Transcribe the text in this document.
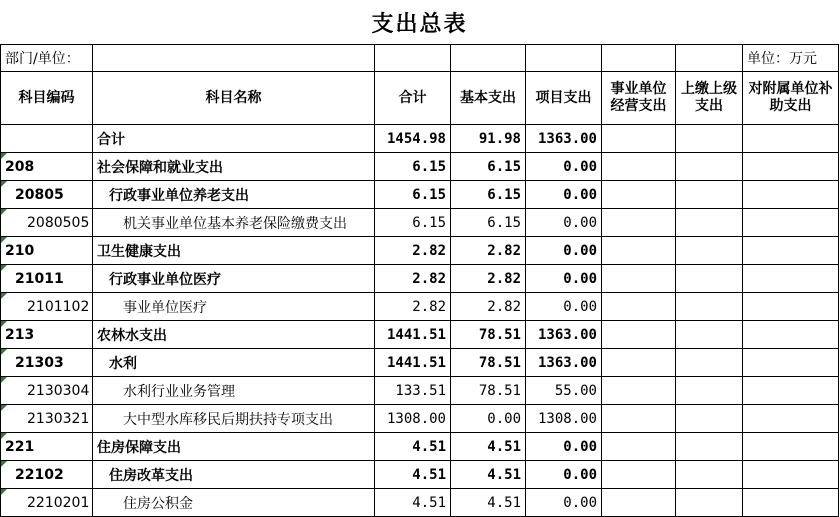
支出总表							
部门/单位：							单位：万元
科目编码	科目名称	合计	基本支出	项目支出	事业单位经营支出	上缴上级支出	对附属单位补助支出
	合计	1454.98	91.98	1363.00			
208	社会保障和就业支出	6.15	6.15	0.00			
20805	行政事业单位养老支出	6.15	6.15	0.00			
2080505	机关事业单位基本养老保险缴费支出	6.15	6.15	0.00			
210	卫生健康支出	2.82	2.82	0.00			
21011	行政事业单位医疗	2.82	2.82	0.00			
2101102	事业单位医疗	2.82	2.82	0.00			
213	农林水支出	1441.51	78.51	1363.00			
21303	水利	1441.51	78.51	1363.00			
2130304	水利行业业务管理	133.51	78.51	55.00			
2130321	大中型水库移民后期扶持专项支出	1308.00	0.00	1308.00			
221	住房保障支出	4.51	4.51	0.00			
22102	住房改革支出	4.51	4.51	0.00			
2210201	住房公积金	4.51	4.51	0.00			
